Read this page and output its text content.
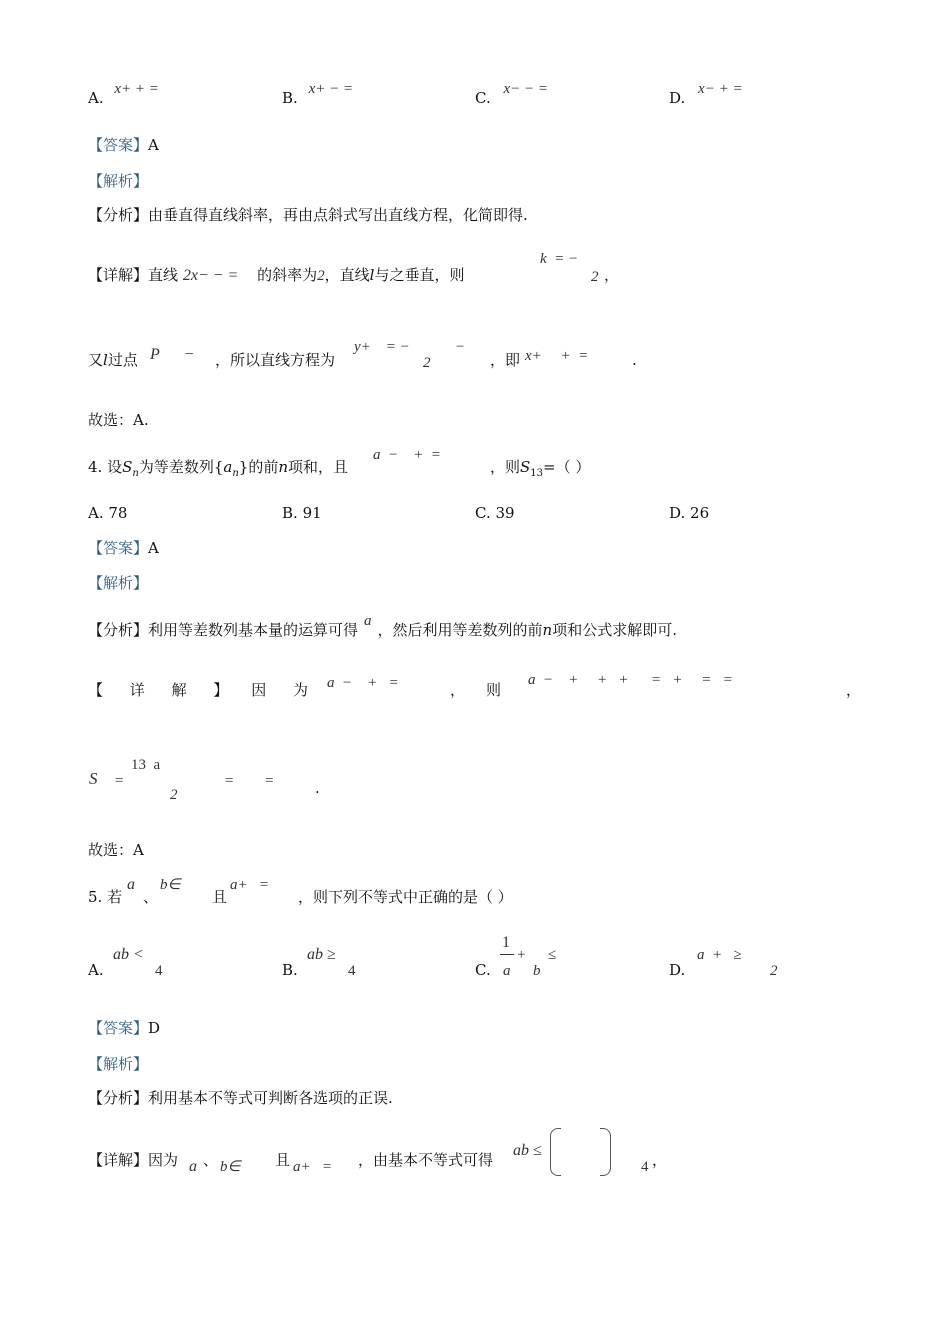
A. x+ + =	B. x+ − =	C. x− − =	D. x− + =
【答案】A
【解析】
【分析】由垂直得直线斜率，再由点斜式写出直线方程，化简即得.
【详解】直线 2x− − = 的斜率为2，直线l与之垂直，则
k  = −
2 ，
又l过点 P      − ，所以直线方程为
y+    = −
2
−
，即 x+     +  =	.
故选：A.
4. 设$S_n$为等差数列$\{a_n\}$的前n项和，且
a  −    +  =
，则$S_{13}=$（ ）
A. 78	B. 91	C. 39	D. 26
【答案】A
【解析】
【分析】利用等差数列基本量的运算可得 a ，然后利用等差数列的前n项和公式求解即可.
【 详 解 】 因 为 a  −    +   =	， 则
a  −    +     +   +      =   +     =   =
，
S =
13  a
2
=        =	.
故选：A
5. 若
a
、
b∈
且
a+   =
，则下列不等式中正确的是（ ）
A.
ab <
4	B.
ab ≥
4	C.
1
a
+
b
≤
D.
a  +   ≥
2
【答案】D
【解析】
【分析】利用基本不等式可判断各选项的正误.
【详解】因为 a 、 b∈ 且 a+   = ，由基本不等式可得
ab ≤
4 ，
